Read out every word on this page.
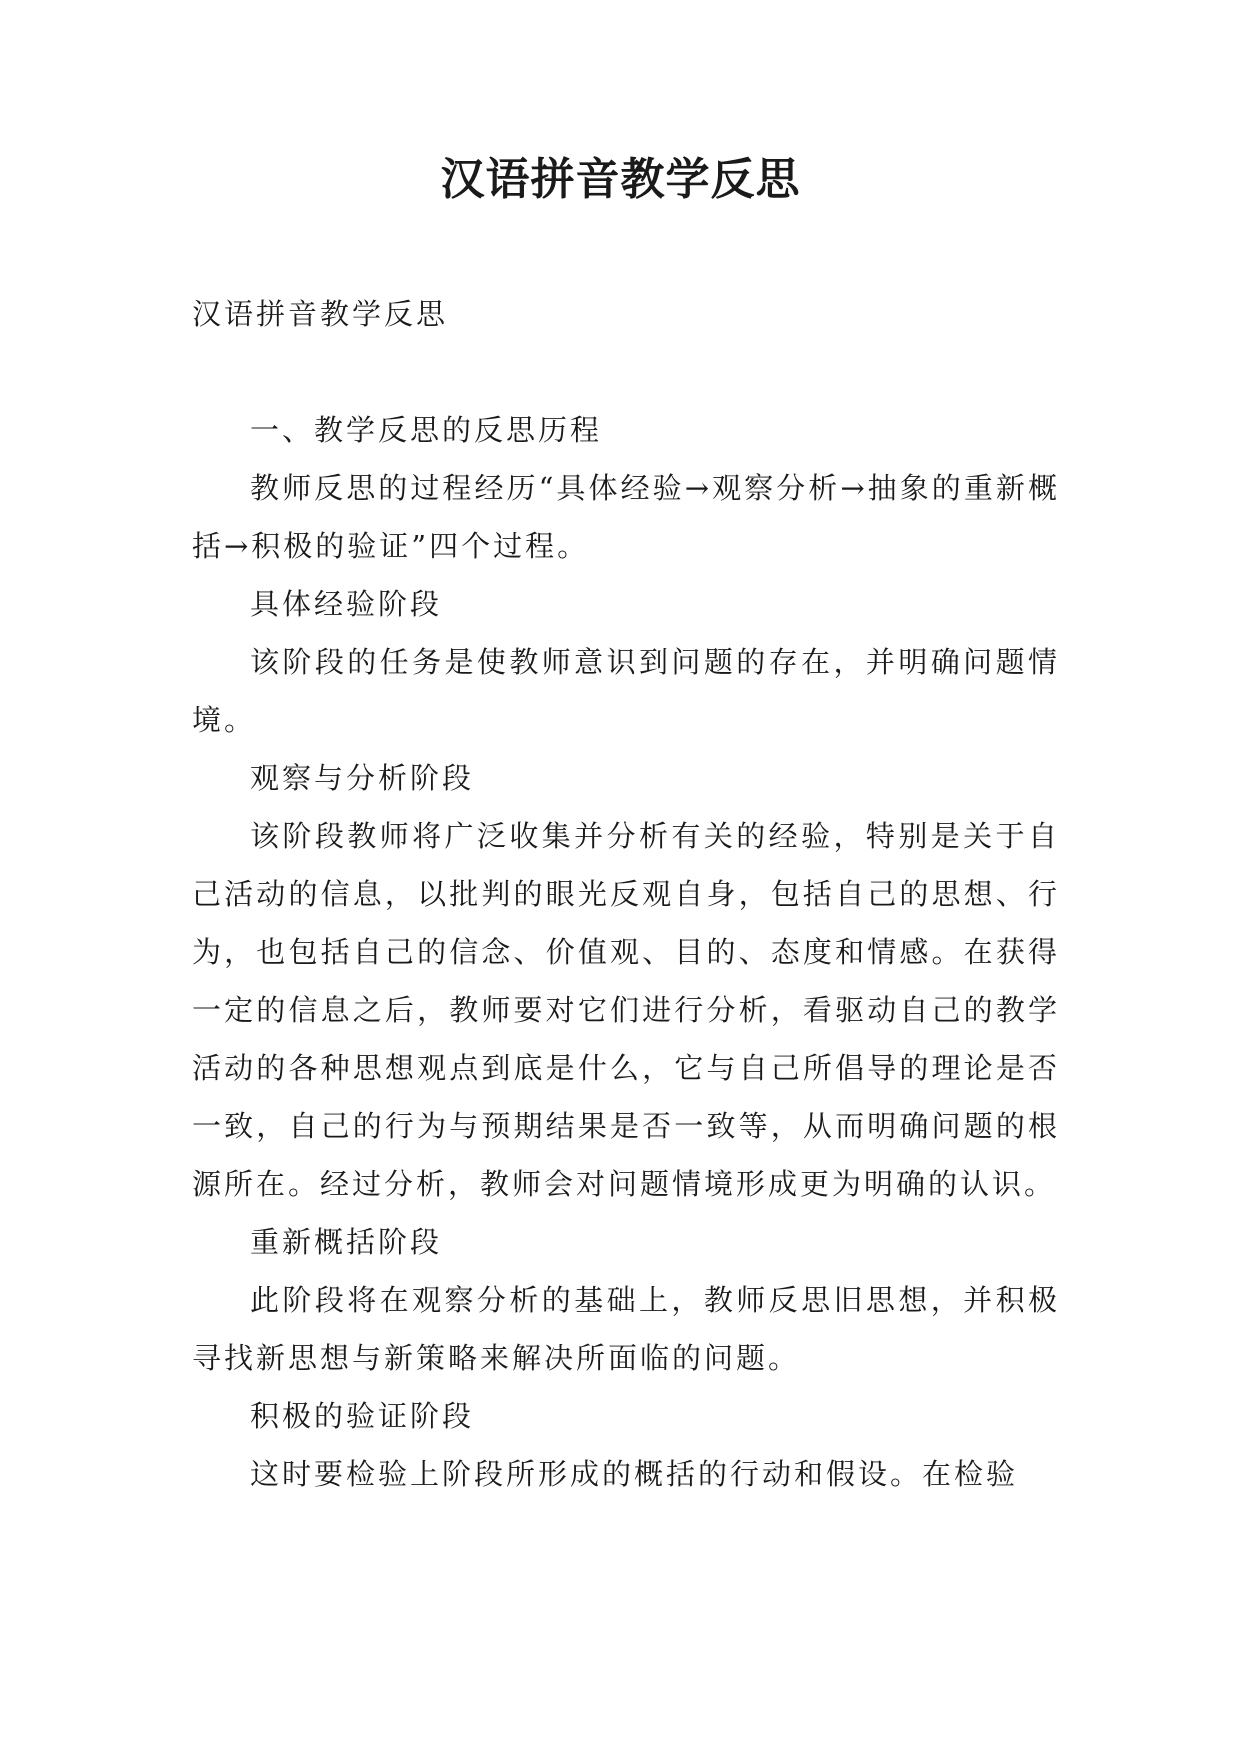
汉语拼音教学反思

汉语拼音教学反思

一、教学反思的反思历程

教师反思的过程经历“具体经验→观察分析→抽象的重新概括→积极的验证”四个过程。

具体经验阶段

该阶段的任务是使教师意识到问题的存在，并明确问题情境。

观察与分析阶段

该阶段教师将广泛收集并分析有关的经验，特别是关于自己活动的信息，以批判的眼光反观自身，包括自己的思想、行为，也包括自己的信念、价值观、目的、态度和情感。在获得一定的信息之后，教师要对它们进行分析，看驱动自己的教学活动的各种思想观点到底是什么，它与自己所倡导的理论是否一致，自己的行为与预期结果是否一致等，从而明确问题的根源所在。经过分析，教师会对问题情境形成更为明确的认识。

重新概括阶段

此阶段将在观察分析的基础上，教师反思旧思想，并积极寻找新思想与新策略来解决所面临的问题。

积极的验证阶段

这时要检验上阶段所形成的概括的行动和假设。在检验
